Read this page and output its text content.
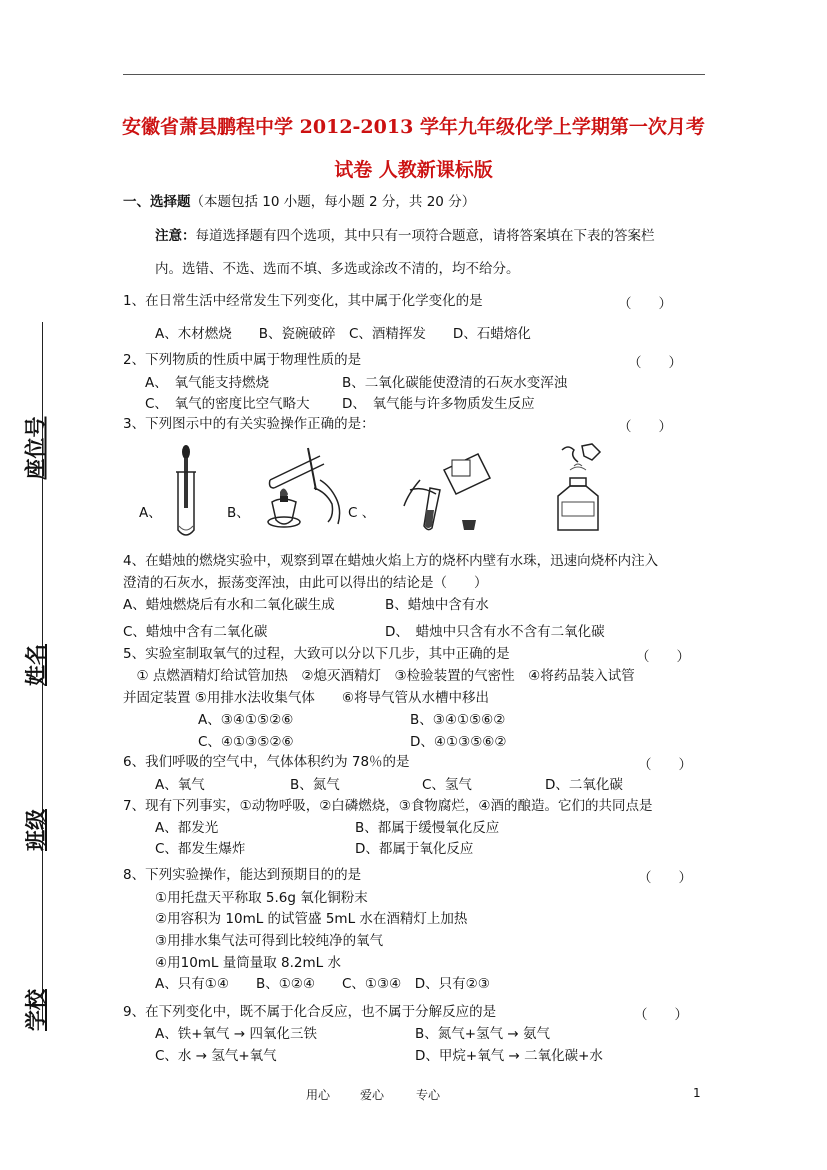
安徽省萧县鹏程中学 2012-2013 学年九年级化学上学期第一次月考
试卷 人教新课标版
座位号
姓名
班级
学校
一、选择题（本题包括 10 小题，每小题 2 分，共 20 分）
注意：每道选择题有四个选项，其中只有一项符合题意，请将答案填在下表的答案栏
内。选错、不选、选而不填、多选或涂改不清的，均不给分。
1、在日常生活中经常发生下列变化，其中属于化学变化的是	（　　）
A、木材燃烧　　B、瓷碗破碎　C、酒精挥发　　D、石蜡熔化
2、下列物质的性质中属于物理性质的是	（　　）
A、　氧气能支持燃烧	B、二氧化碳能使澄清的石灰水变浑浊
C、　氧气的密度比空气略大 D、　氧气能与许多物质发生反应
3、下列图示中的有关实验操作正确的是：	（　　）
A、	B、	C 、
4、在蜡烛的燃烧实验中，观察到罩在蜡烛火焰上方的烧杯内壁有水珠，迅速向烧杯内注入
澄清的石灰水，振荡变浑浊，由此可以得出的结论是（　　）
A、蜡烛燃烧后有水和二氧化碳生成	B、蜡烛中含有水
C、蜡烛中含有二氧化碳	D、　蜡烛中只含有水不含有二氧化碳
5、实验室制取氧气的过程，大致可以分以下几步，其中正确的是	（　　）
　① 点燃酒精灯给试管加热　②熄灭酒精灯　③检验装置的气密性　④将药品装入试管
并固定装置 ⑤用排水法收集气体　　⑥将导气管从水槽中移出
A、③④①⑤②⑥	B、③④①⑤⑥②
C、④①③⑤②⑥	D、④①③⑤⑥②
6、我们呼吸的空气中，气体体积约为 78％的是	（　　）
A、氧气	B、氮气	C、氢气	D、二氧化碳
7、现有下列事实，①动物呼吸，②白磷燃烧，③食物腐烂，④酒的酿造。它们的共同点是
A、都发光	B、都属于缓慢氧化反应
C、都发生爆炸	D、都属于氧化反应
8、下列实验操作，能达到预期目的的是	（　　）
①用托盘天平称取 5.6g 氧化铜粉末
②用容积为 10mL 的试管盛 5mL 水在酒精灯上加热
③用排水集气法可得到比较纯净的氧气
④用10mL 量筒量取 8.2mL 水
A、只有①④　　B、①②④　　C、①③④　D、只有②③
9、在下列变化中，既不属于化合反应，也不属于分解反应的是	（　　）
A、铁+氧气 → 四氧化三铁	B、氮气+氢气 → 氨气
C、水 → 氢气+氧气	D、甲烷+氧气 → 二氧化碳+水
用心 爱心	专心	1
